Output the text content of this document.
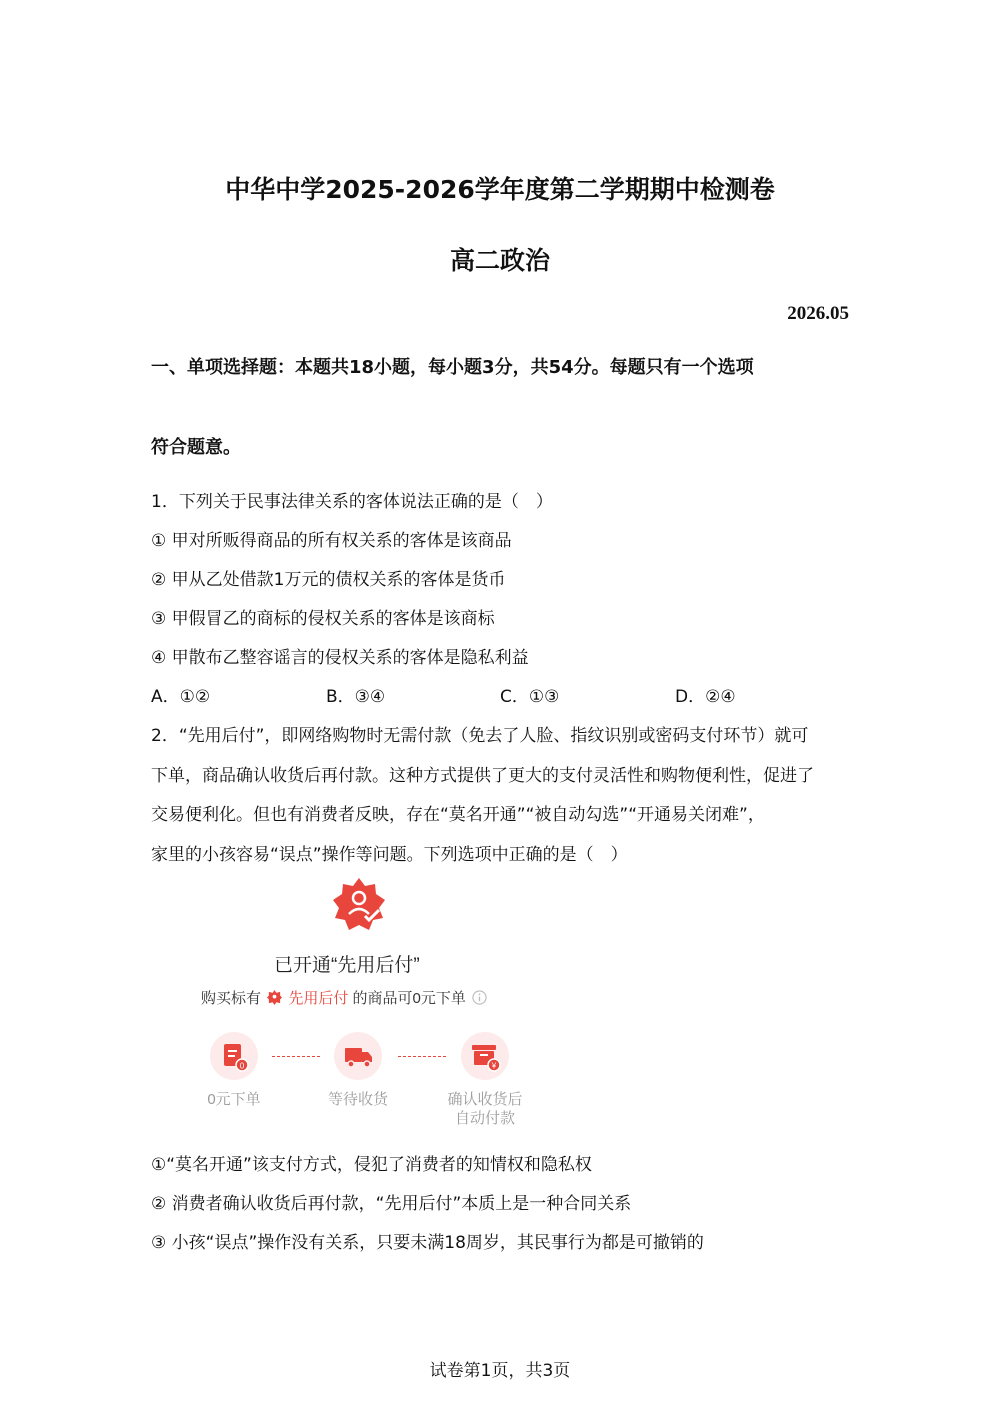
中华中学2025-2026学年度第二学期期中检测卷
高二政治
2026.05
一、单项选择题：本题共18小题，每小题3分，共54分。每题只有一个选项
符合题意。
1．下列关于民事法律关系的客体说法正确的是（　）
① 甲对所贩得商品的所有权关系的客体是该商品
② 甲从乙处借款1万元的债权关系的客体是货币
③ 甲假冒乙的商标的侵权关系的客体是该商标
④ 甲散布乙整容谣言的侵权关系的客体是隐私利益
A．①②	B．③④	C．①③	D．②④
2．“先用后付”，即网络购物时无需付款（免去了人脸、指纹识别或密码支付环节）就可
下单，商品确认收货后再付款。这种方式提供了更大的支付灵活性和购物便利性，促进了
交易便利化。但也有消费者反映，存在“莫名开通”“被自动勾选”“开通易关闭难”，
家里的小孩容易“误点”操作等问题。下列选项中正确的是（　）
已开通“先用后付”
购买标有 先用后付 的商品可0元下单
0	¥
0元下单	等待收货	确认收货后
自动付款
①“莫名开通”该支付方式，侵犯了消费者的知情权和隐私权
② 消费者确认收货后再付款，“先用后付”本质上是一种合同关系
③ 小孩“误点”操作没有关系，只要未满18周岁，其民事行为都是可撤销的
试卷第1页，共3页
